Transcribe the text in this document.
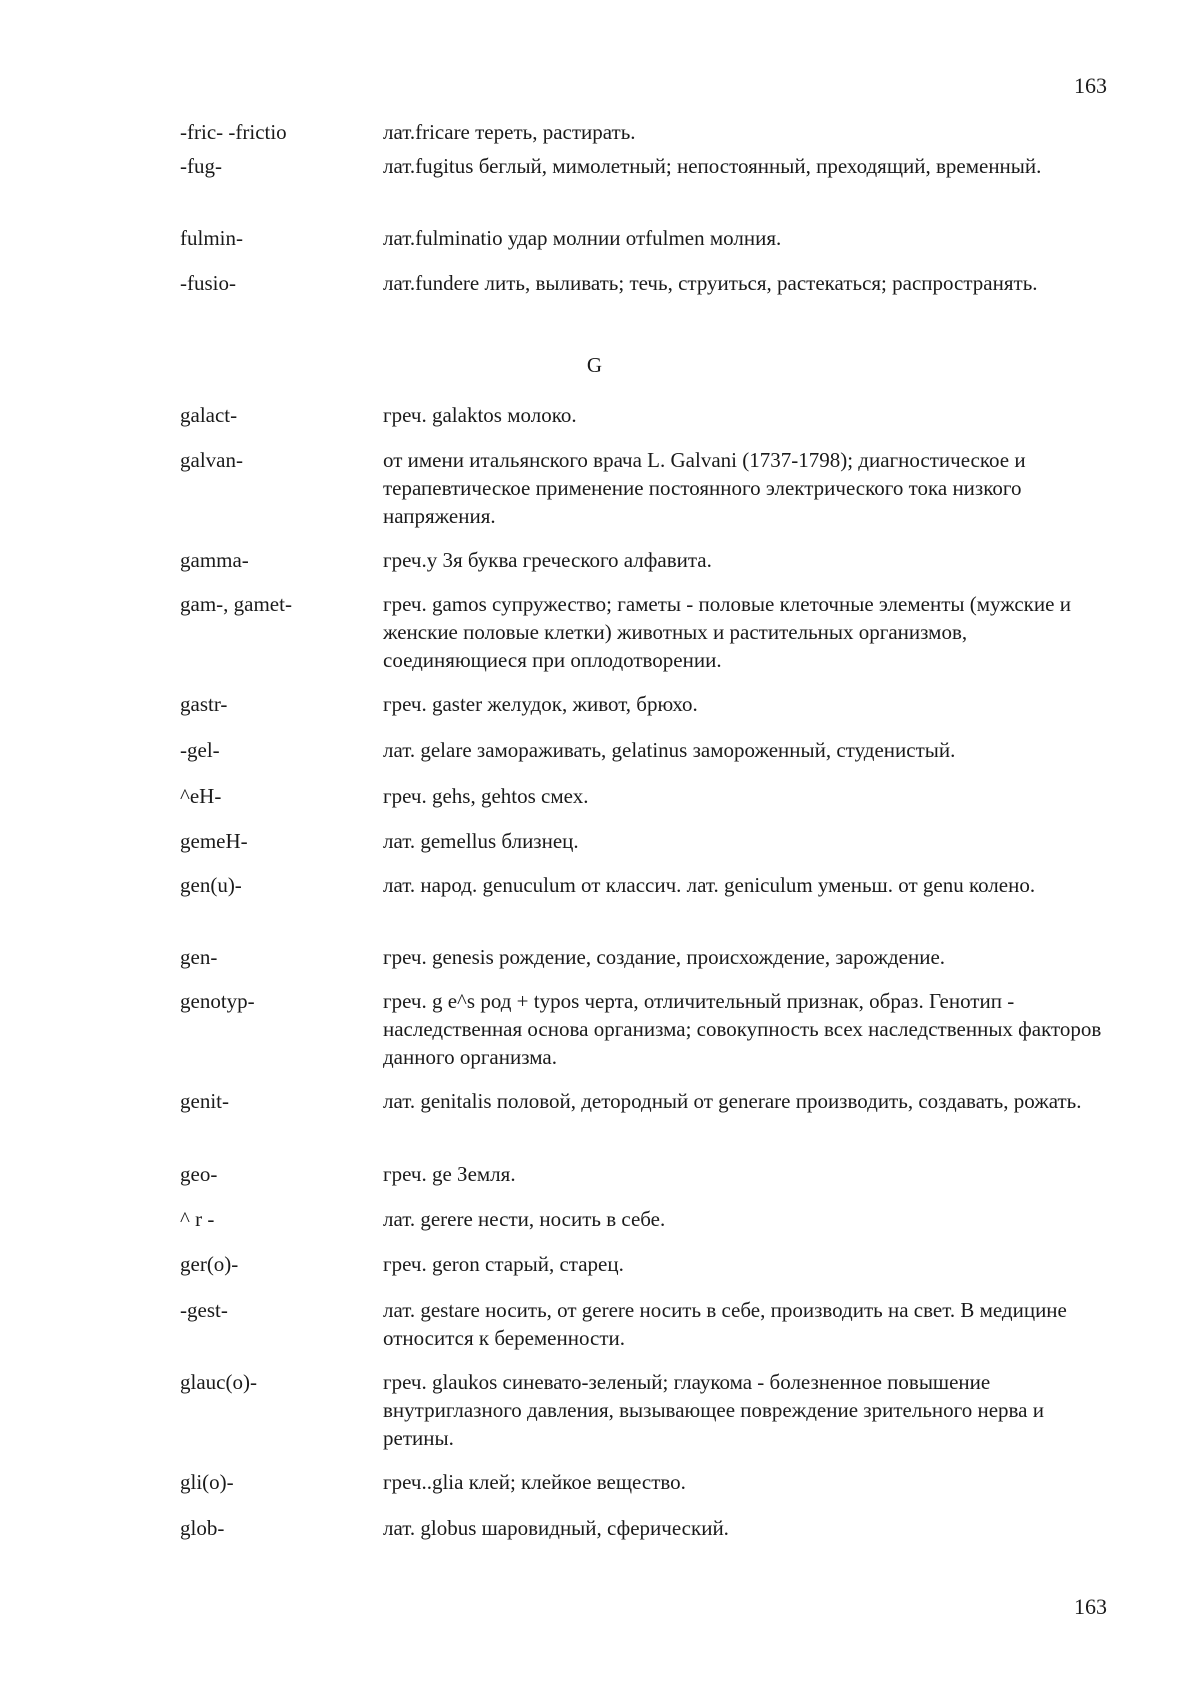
163
-fric- -frictio	лат.fricare тереть, растирать.
-fug-	лат.fugitus беглый, мимолетный; непостоянный, преходящий, временный.
fulmin-	лат.fulminatio удар молнии отfulmen молния.
-fusio-	лат.fundere лить, выливать; течь, струиться, растекаться; распространять.
G
galact-	греч. galaktos молоко.
galvan-	от имени итальянского врача L. Galvani (1737-1798); диагностическое и терапевтическое применение постоянного электрического тока низкого напряжения.
gamma-	греч.y 3я буква греческого алфавита.
gam-, gamet-	греч. gamos супружество; гаметы - половые клеточные элементы (мужские и женские половые клетки) животных и растительных организмов, соединяющиеся при оплодотворении.
gastr-	греч. gaster желудок, живот, брюхо.
-gel-	лат. gelare замораживать, gelatinus замороженный, студенистый.
^eH-	греч. gehs, gehtos смех.
gemeH-	лат. gemellus близнец.
gen(u)-	лат. народ. genuculum от классич. лат. geniculum уменьш. от genu колено.
gen-	греч. genesis рождение, создание, происхождение, зарождение.
genotyp-	греч. g e^s род + typos черта, отличительный признак, образ. Генотип - наследственная основа организма; совокупность всех наследственных факторов данного организма.
genit-	лат. genitalis половой, детородный от generare производить, создавать, рожать.
geo-	греч. ge Земля.
^ r -	лат. gerere нести, носить в себе.
ger(o)-	греч. geron старый, старец.
-gest-	лат. gestare носить, от gerere носить в себе, производить на свет. В медицине относится к беременности.
glauc(o)-	греч. glaukos синевато-зеленый; глаукома - болезненное повышение внутриглазного давления, вызывающее повреждение зрительного нерва и ретины.
gli(o)-	греч..glia клей; клейкое вещество.
glob-	лат. globus шаровидный, сферический.
163
